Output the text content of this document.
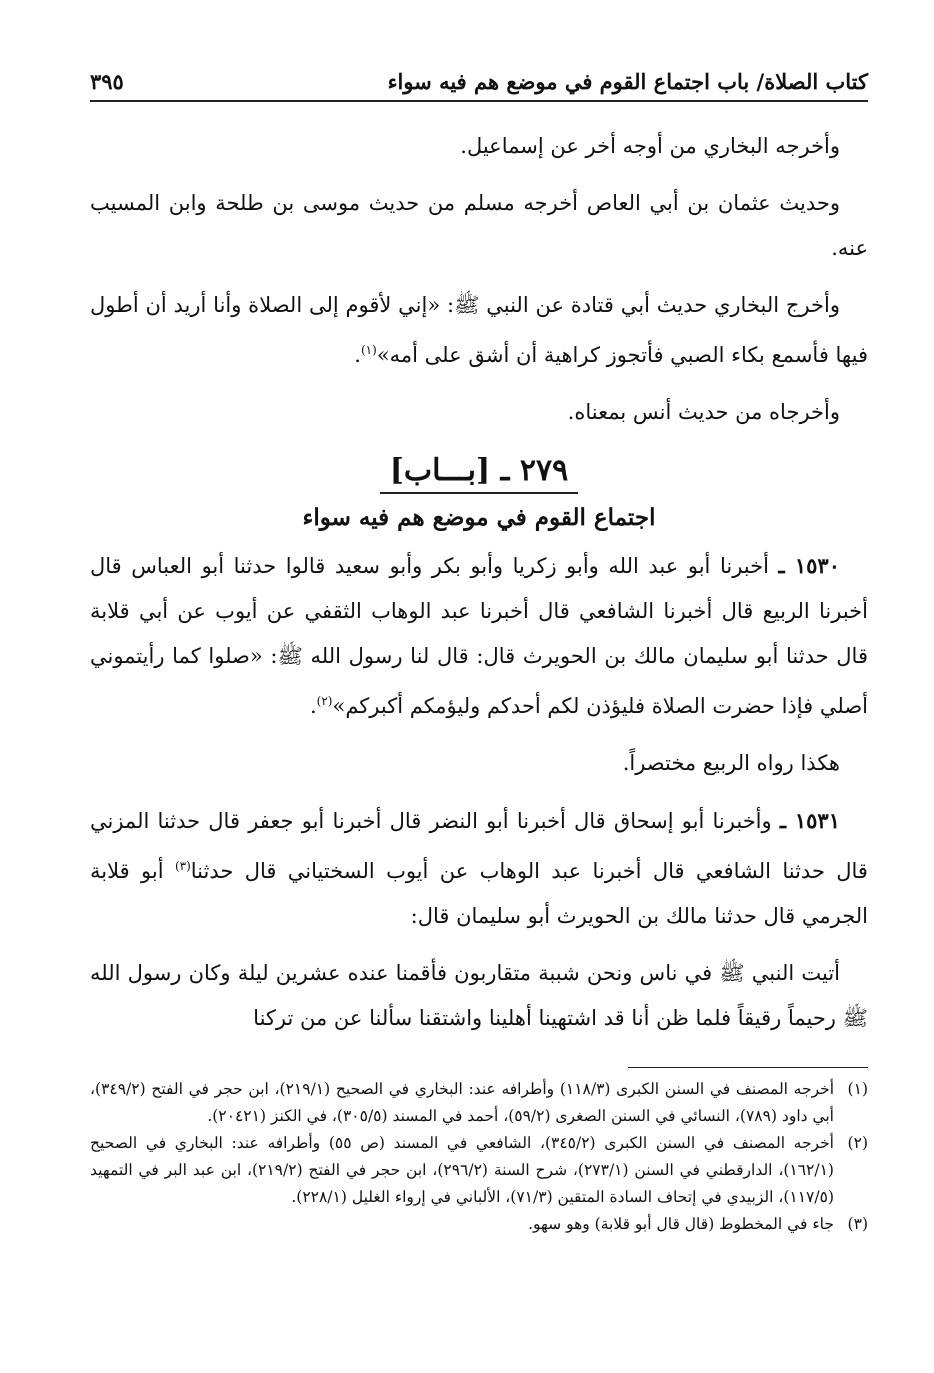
كتاب الصلاة/ باب اجتماع القوم في موضع هم فيه سواء
٣٩٥

وأخرجه البخاري من أوجه أخر عن إسماعيل.

وحديث عثمان بن أبي العاص أخرجه مسلم من حديث موسى بن طلحة وابن المسيب عنه.

وأخرج البخاري حديث أبي قتادة عن النبي ﷺ: «إني لأقوم إلى الصلاة وأنا أريد أن أطول فيها فأسمع بكاء الصبي فأتجوز كراهية أن أشق على أمه»$^{(١)}$.

وأخرجاه من حديث أنس بمعناه.

٢٧٩ ـ [بـــاب]
اجتماع القوم في موضع هم فيه سواء

١٥٣٠ ـ أخبرنا أبو عبد الله وأبو زكريا وأبو بكر وأبو سعيد قالوا حدثنا أبو العباس قال أخبرنا الربيع قال أخبرنا الشافعي قال أخبرنا عبد الوهاب الثقفي عن أيوب عن أبي قلابة قال حدثنا أبو سليمان مالك بن الحويرث قال: قال لنا رسول الله ﷺ: «صلوا كما رأيتموني أصلي فإذا حضرت الصلاة فليؤذن لكم أحدكم وليؤمكم أكبركم»$^{(٢)}$.

هكذا رواه الربيع مختصراً.

١٥٣١ ـ وأخبرنا أبو إسحاق قال أخبرنا أبو النضر قال أخبرنا أبو جعفر قال حدثنا المزني قال حدثنا الشافعي قال أخبرنا عبد الوهاب عن أيوب السختياني قال حدثنا$^{(٣)}$ أبو قلابة الجرمي قال حدثنا مالك بن الحويرث أبو سليمان قال:

أتيت النبي ﷺ في ناس ونحن شببة متقاربون فأقمنا عنده عشرين ليلة وكان رسول الله ﷺ رحيماً رقيقاً فلما ظن أنا قد اشتهينا أهلينا واشتقنا سألنا عن من تركنا

(١)
أخرجه المصنف في السنن الكبرى (١١٨/٣) وأطرافه عند: البخاري في الصحيح (٢١٩/١)، ابن حجر في الفتح (٣٤٩/٢)، أبي داود (٧٨٩)، النسائي في السنن الصغرى (٥٩/٢)، أحمد في المسند (٣٠٥/٥)، في الكنز (٢٠٤٢١).
(٢)
أخرجه المصنف في السنن الكبرى (٣٤٥/٢)، الشافعي في المسند (ص ٥٥) وأطرافه عند: البخاري في الصحيح (١٦٢/١)، الدارقطني في السنن (٢٧٣/١)، شرح السنة (٢٩٦/٢)، ابن حجر في الفتح (٢١٩/٢)، ابن عبد البر في التمهيد (١١٧/٥)، الزبيدي في إتحاف السادة المتقين (٧١/٣)، الألباني في إرواء الغليل (٢٢٨/١).
(٣)
جاء في المخطوط (قال قال أبو قلابة) وهو سهو.
